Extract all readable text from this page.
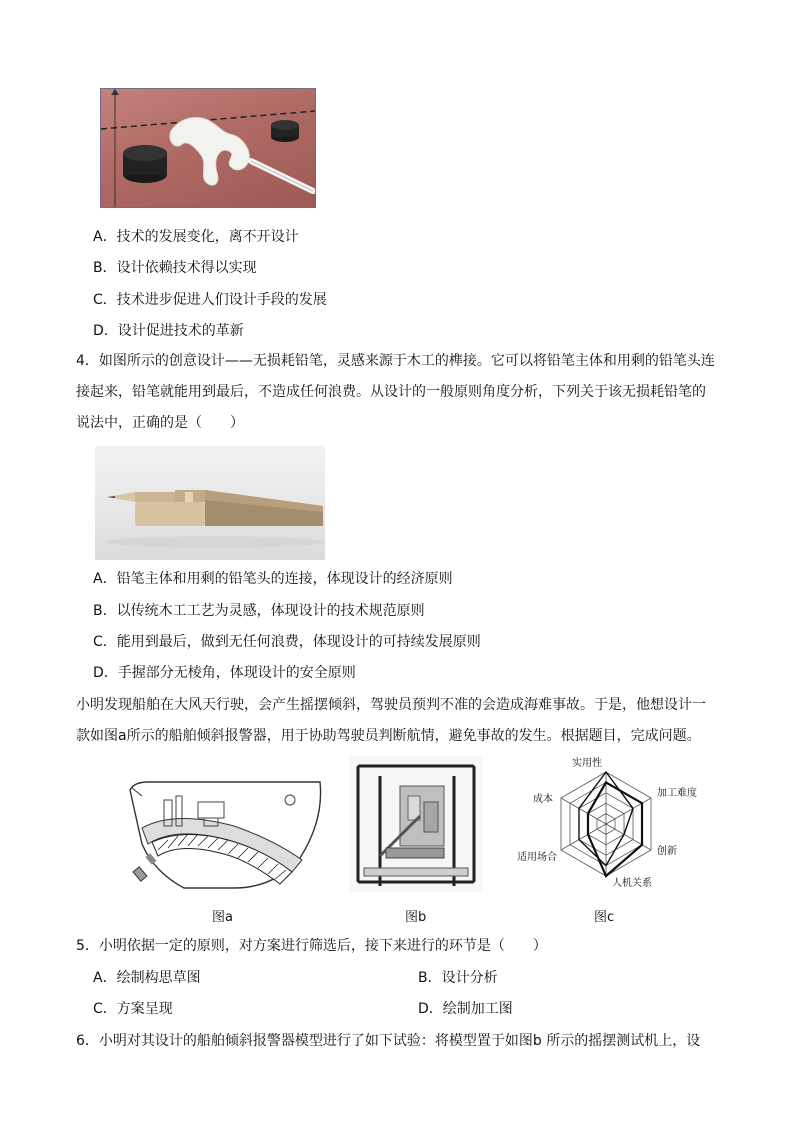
A．技术的发展变化，离不开设计
B．设计依赖技术得以实现
C．技术进步促进人们设计手段的发展
D．设计促进技术的革新
4．如图所示的创意设计——无损耗铅笔，灵感来源于木工的榫接。它可以将铅笔主体和用剩的铅笔头连
接起来，铅笔就能用到最后，不造成任何浪费。从设计的一般原则角度分析，下列关于该无损耗铅笔的
说法中，正确的是（　　）
A．铅笔主体和用剩的铅笔头的连接，体现设计的经济原则
B．以传统木工工艺为灵感，体现设计的技术规范原则
C．能用到最后，做到无任何浪费，体现设计的可持续发展原则
D．手握部分无棱角，体现设计的安全原则
小明发现船舶在大风天行驶，会产生摇摆倾斜，驾驶员预判不准的会造成海难事故。于是，他想设计一
款如图a所示的船舶倾斜报警器，用于协助驾驶员判断航情，避免事故的发生。根据题目，完成问题。
实用性
加工难度
创新
人机关系
适用场合
成本
图a	图b	图c
5．小明依据一定的原则，对方案进行筛选后，接下来进行的环节是（　　）
A．绘制构思草图	B．设计分析
C．方案呈现	D．绘制加工图
6．小明对其设计的船舶倾斜报警器模型进行了如下试验：将模型置于如图b 所示的摇摆测试机上，设
